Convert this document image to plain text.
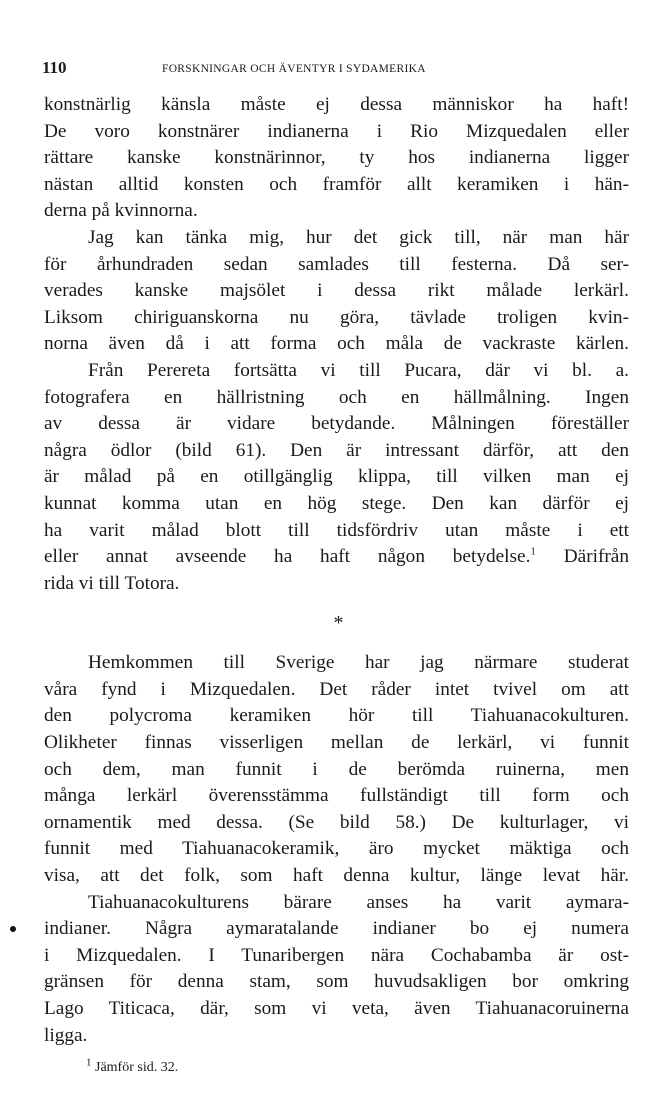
110	FORSKNINGAR OCH ÄVENTYR I SYDAMERIKA
konstnärlig känsla måste ej dessa människor ha haft!
De voro konstnärer indianerna i Rio Mizquedalen eller
rättare kanske konstnärinnor, ty hos indianerna ligger
nästan alltid konsten och framför allt keramiken i hän-
derna på kvinnorna.
Jag kan tänka mig, hur det gick till, när man här
för århundraden sedan samlades till festerna. Då ser-
verades kanske majsölet i dessa rikt målade lerkärl.
Liksom chiriguanskorna nu göra, tävlade troligen kvin-
norna även då i att forma och måla de vackraste kärlen.
Från Perereta fortsätta vi till Pucara, där vi bl. a.
fotografera en hällristning och en hällmålning. Ingen
av dessa är vidare betydande. Målningen föreställer
några ödlor (bild 61). Den är intressant därför, att den
är målad på en otillgänglig klippa, till vilken man ej
kunnat komma utan en hög stege. Den kan därför ej
ha varit målad blott till tidsfördriv utan måste i ett
eller annat avseende ha haft någon betydelse.$^1$ Därifrån
rida vi till Totora.
*
Hemkommen till Sverige har jag närmare studerat
våra fynd i Mizquedalen. Det råder intet tvivel om att
den polycroma keramiken hör till Tiahuanacokulturen.
Olikheter finnas visserligen mellan de lerkärl, vi funnit
och dem, man funnit i de berömda ruinerna, men
många lerkärl överensstämma fullständigt till form och
ornamentik med dessa. (Se bild 58.) De kulturlager, vi
funnit med Tiahuanacokeramik, äro mycket mäktiga och
visa, att det folk, som haft denna kultur, länge levat här.
Tiahuanacokulturens bärare anses ha varit aymara-
indianer. Några aymaratalande indianer bo ej numera
i Mizquedalen. I Tunaribergen nära Cochabamba är ost-
gränsen för denna stam, som huvudsakligen bor omkring
Lago Titicaca, där, som vi veta, även Tiahuanacoruinerna
ligga.
$^1$ Jämför sid. 32.
